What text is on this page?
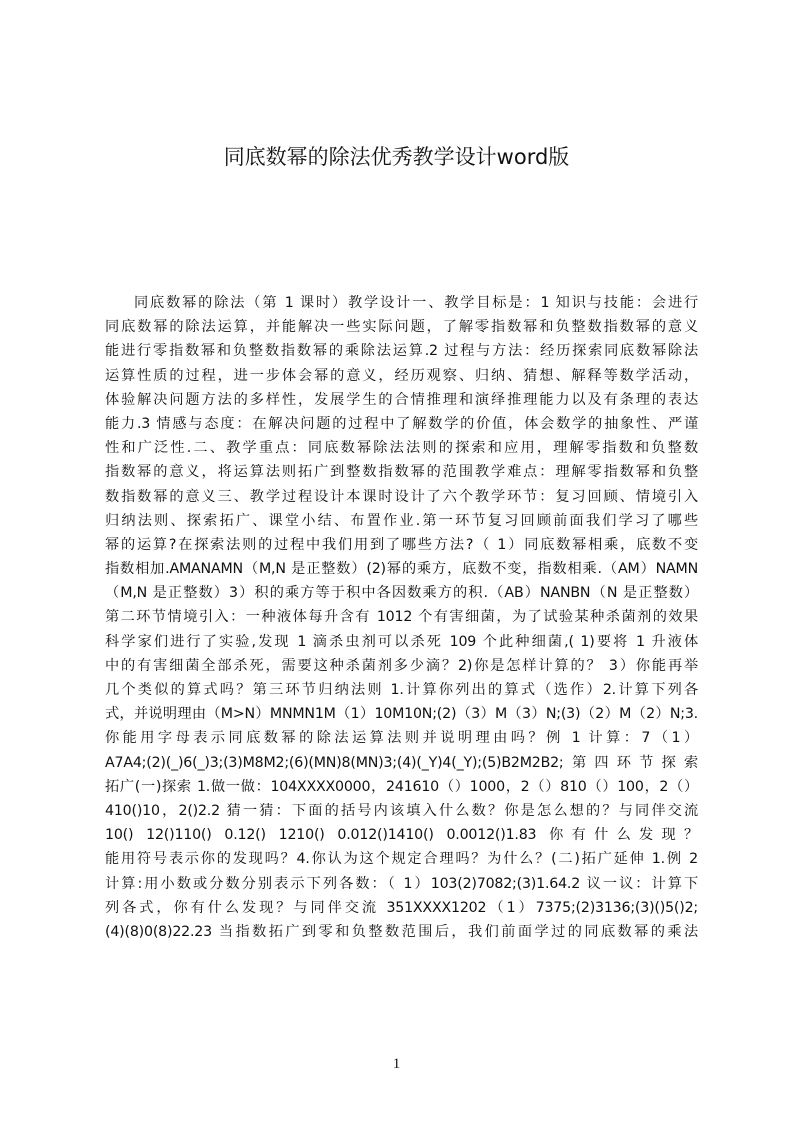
同底数幂的除法优秀教学设计word版
同底数幂的除法（第 1 课时）教学设计一、教学目标是：1 知识与技能：会进行
同底数幂的除法运算，并能解决一些实际问题，了解零指数幂和负整数指数幂的意义
能进行零指数幂和负整数指数幂的乘除法运算.2 过程与方法：经历探索同底数幂除法
运算性质的过程，进一步体会幂的意义，经历观察、归纳、猜想、解释等数学活动，
体验解决问题方法的多样性，发展学生的合情推理和演绎推理能力以及有条理的表达
能力.3 情感与态度：在解决问题的过程中了解数学的价值，体会数学的抽象性、严谨
性和广泛性.二、教学重点：同底数幂除法法则的探索和应用，理解零指数和负整数
指数幂的意义，将运算法则拓广到整数指数幂的范围教学难点：理解零指数幂和负整
数指数幂的意义三、教学过程设计本课时设计了六个教学环节：复习回顾、情境引入
归纳法则、探索拓广、课堂小结、布置作业.第一环节复习回顾前面我们学习了哪些
幂的运算?在探索法则的过程中我们用到了哪些方法?（ 1）同底数幂相乘，底数不变
指数相加.AMANAMN（M,N 是正整数）(2)幂的乘方，底数不变，指数相乘.（AM）NAMN
（M,N 是正整数）3）积的乘方等于积中各因数乘方的积.（AB）NANBN（N 是正整数）
第二环节情境引入：一种液体每升含有 1012 个有害细菌，为了试验某种杀菌剂的效果
科学家们进行了实验,发现 1 滴杀虫剂可以杀死 109 个此种细菌,( 1)要将 1 升液体
中的有害细菌全部杀死，需要这种杀菌剂多少滴？2)你是怎样计算的？ 3）你能再举
几个类似的算式吗？第三环节归纳法则 1.计算你列出的算式（选作）2.计算下列各
式，并说明理由（M>N）MNMN1M（1）10M10N;(2)（3）M（3）N;(3)（2）M（2）N;3.
你能用字母表示同底数幂的除法运算法则并说明理由吗？例 1 计算：7（1）
A7A4;(2)(_)6(_)3;(3)M8M2;(6)(MN)8(MN)3;(4)(_Y)4(_Y);(5)B2M2B2;第四环节探索
拓广(一)探索 1.做一做：104XXXX0000，241610（）1000，2（）810（）100，2（）
410()10，2()2.2 猜一猜：下面的括号内该填入什么数？你是怎么想的？与同伴交流
10() 12()110() 0.12() 1210() 0.012()1410() 0.0012()1.83 你有什么发现？
能用符号表示你的发现吗？4.你认为这个规定合理吗？为什么？(二)拓广延伸 1.例 2
计算:用小数或分数分别表示下列各数：（ 1）103(2)7082;(3)1.64.2 议一议：计算下
列各式，你有什么发现？与同伴交流 351XXXX1202（1）7375;(2)3136;(3)()5()2;
(4)(8)0(8)22.23 当指数拓广到零和负整数范围后，我们前面学过的同底数幂的乘法
1
